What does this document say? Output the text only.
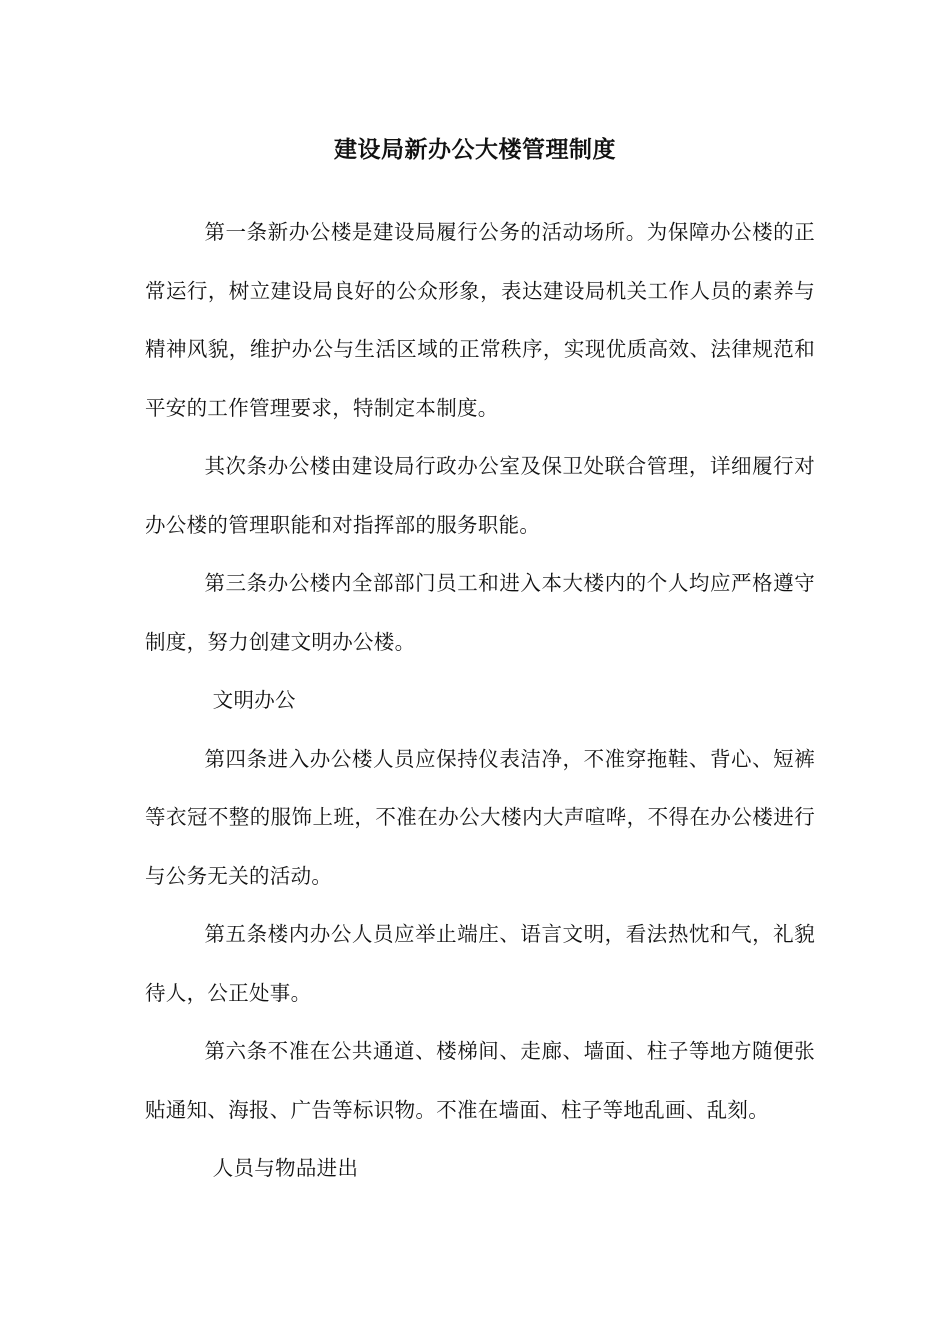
建设局新办公大楼管理制度

第一条新办公楼是建设局履行公务的活动场所。为保障办公楼的正常运行，树立建设局良好的公众形象，表达建设局机关工作人员的素养与精神风貌，维护办公与生活区域的正常秩序，实现优质高效、法律规范和平安的工作管理要求，特制定本制度。

其次条办公楼由建设局行政办公室及保卫处联合管理，详细履行对办公楼的管理职能和对指挥部的服务职能。

第三条办公楼内全部部门员工和进入本大楼内的个人均应严格遵守制度，努力创建文明办公楼。

文明办公

第四条进入办公楼人员应保持仪表洁净，不准穿拖鞋、背心、短裤等衣冠不整的服饰上班，不准在办公大楼内大声喧哗，不得在办公楼进行与公务无关的活动。

第五条楼内办公人员应举止端庄、语言文明，看法热忱和气，礼貌待人，公正处事。

第六条不准在公共通道、楼梯间、走廊、墙面、柱子等地方随便张贴通知、海报、广告等标识物。不准在墙面、柱子等地乱画、乱刻。

人员与物品进出
